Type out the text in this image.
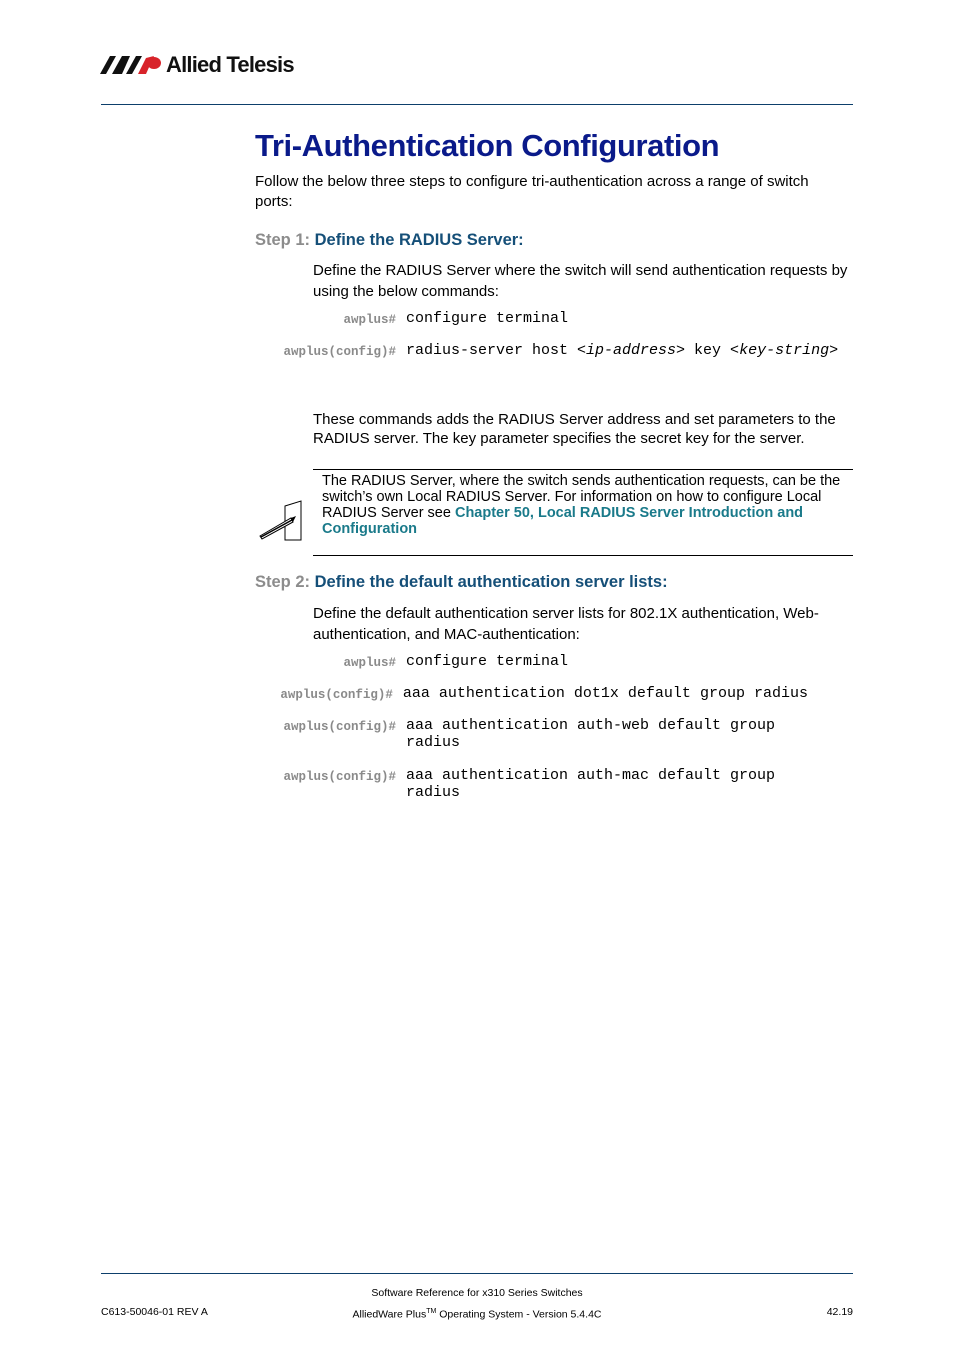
Allied Telesis
Tri-Authentication Configuration
Follow the below three steps to configure tri-authentication across a range of switch ports:
Step 1: Define the RADIUS Server:
Define the RADIUS Server where the switch will send authentication requests by using the below commands:
awplus# configure terminal
awplus(config)# radius-server host <ip-address> key <key-string>
These commands adds the RADIUS Server address and set parameters to the RADIUS server. The key parameter specifies the secret key for the server.
The RADIUS Server, where the switch sends authentication requests, can be the switch’s own Local RADIUS Server. For information on how to configure Local RADIUS Server see Chapter 50, Local RADIUS Server Introduction and Configuration
Step 2: Define the default authentication server lists:
Define the default authentication server lists for 802.1X authentication, Web-authentication, and MAC-authentication:
awplus# configure terminal
awplus(config)# aaa authentication dot1x default group radius
awplus(config)# aaa authentication auth-web default group radius
awplus(config)# aaa authentication auth-mac default group radius
C613-50046-01 REV A
Software Reference for x310 Series Switches
AlliedWare Plus™ Operating System - Version 5.4.4C	42.19
